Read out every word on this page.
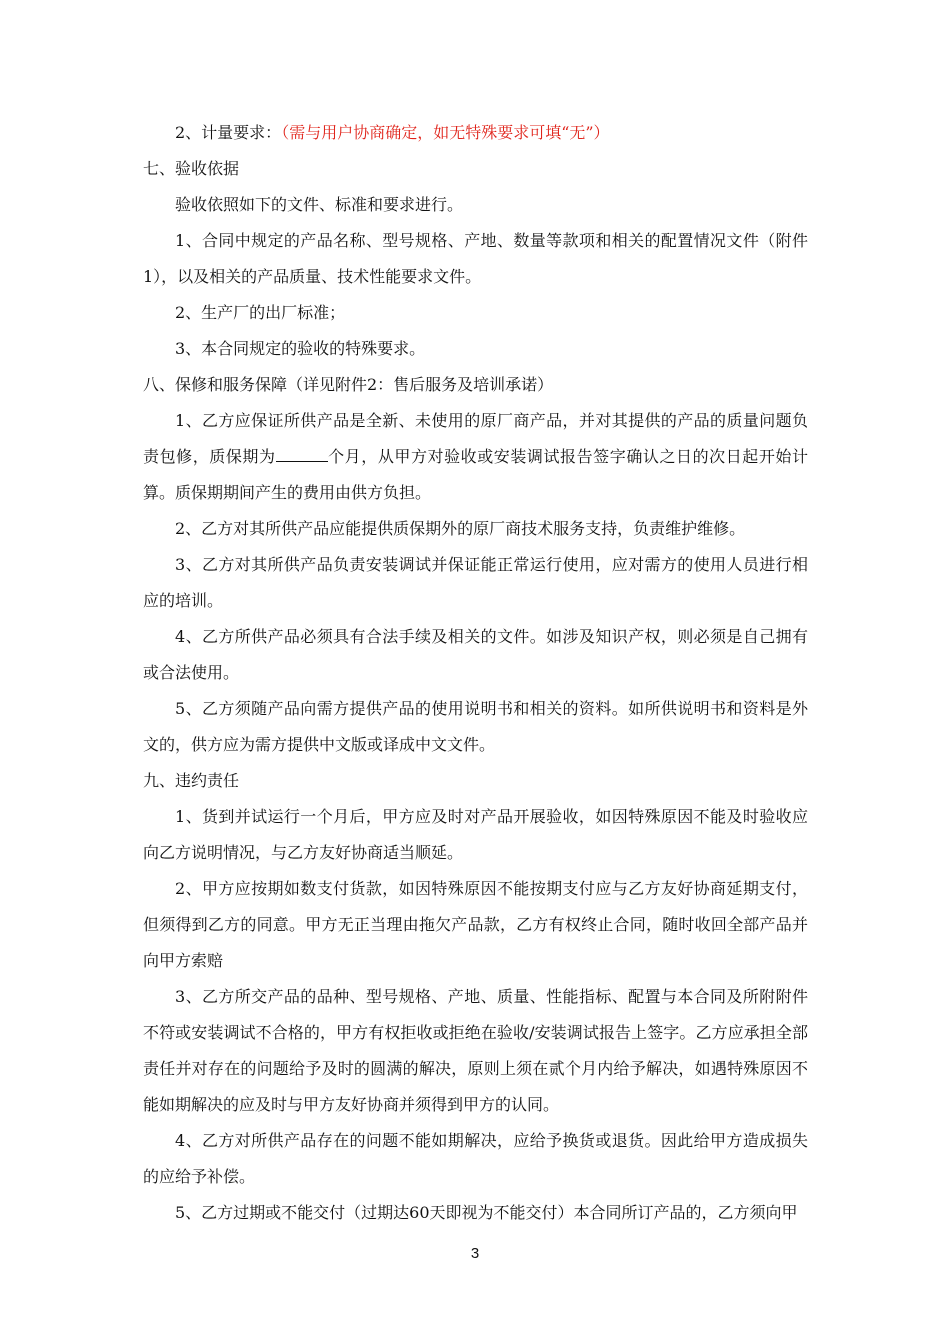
2、计量要求：（需与用户协商确定，如无特殊要求可填“无”）

七、验收依据

验收依照如下的文件、标准和要求进行。

1、合同中规定的产品名称、型号规格、产地、数量等款项和相关的配置情况文件（附件1），以及相关的产品质量、技术性能要求文件。

2、生产厂的出厂标准；

3、本合同规定的验收的特殊要求。

八、保修和服务保障（详见附件2：售后服务及培训承诺）

1、乙方应保证所供产品是全新、未使用的原厂商产品，并对其提供的产品的质量问题负责包修，质保期为	个月，从甲方对验收或安装调试报告签字确认之日的次日起开始计算。质保期期间产生的费用由供方负担。

2、乙方对其所供产品应能提供质保期外的原厂商技术服务支持，负责维护维修。

3、乙方对其所供产品负责安装调试并保证能正常运行使用，应对需方的使用人员进行相应的培训。

4、乙方所供产品必须具有合法手续及相关的文件。如涉及知识产权，则必须是自己拥有或合法使用。

5、乙方须随产品向需方提供产品的使用说明书和相关的资料。如所供说明书和资料是外文的，供方应为需方提供中文版或译成中文文件。

九、违约责任

1、货到并试运行一个月后，甲方应及时对产品开展验收，如因特殊原因不能及时验收应向乙方说明情况，与乙方友好协商适当顺延。

2、甲方应按期如数支付货款，如因特殊原因不能按期支付应与乙方友好协商延期支付，但须得到乙方的同意。甲方无正当理由拖欠产品款，乙方有权终止合同，随时收回全部产品并向甲方索赔

3、乙方所交产品的品种、型号规格、产地、质量、性能指标、配置与本合同及所附附件不符或安装调试不合格的，甲方有权拒收或拒绝在验收/安装调试报告上签字。乙方应承担全部责任并对存在的问题给予及时的圆满的解决，原则上须在贰个月内给予解决，如遇特殊原因不能如期解决的应及时与甲方友好协商并须得到甲方的认同。

4、乙方对所供产品存在的问题不能如期解决，应给予换货或退货。因此给甲方造成损失的应给予补偿。

5、乙方过期或不能交付（过期达60天即视为不能交付）本合同所订产品的，乙方须向甲

3
